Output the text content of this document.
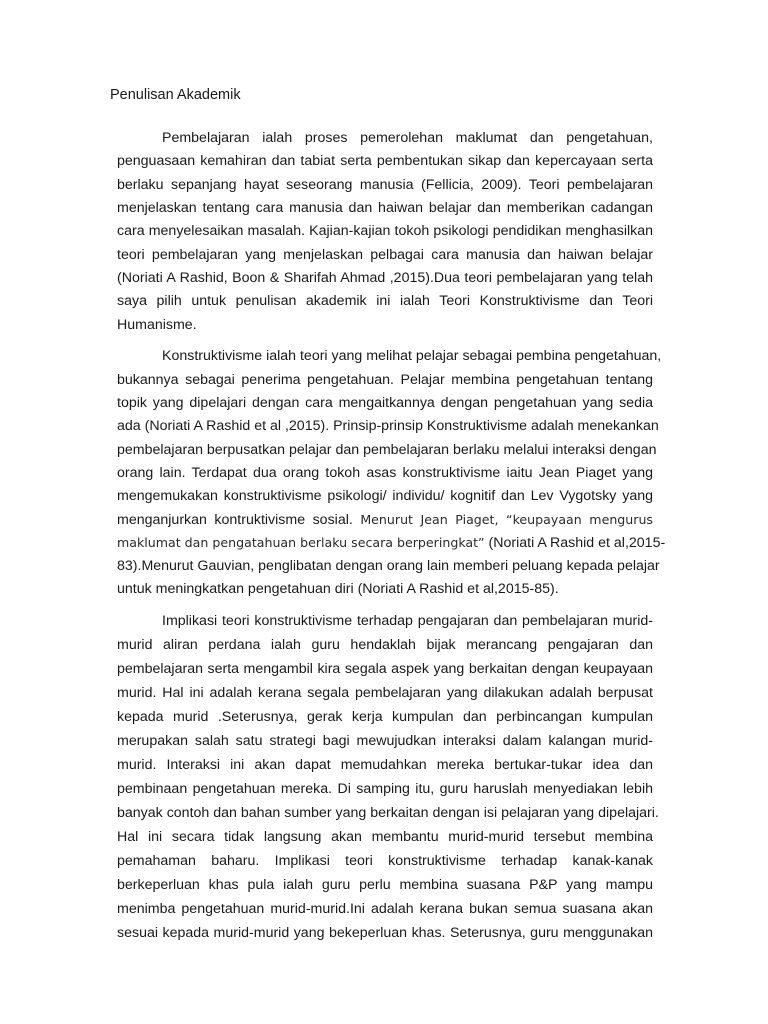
Penulisan Akademik

Pembelajaran ialah proses pemerolehan maklumat dan pengetahuan,

penguasaan kemahiran dan tabiat serta pembentukan sikap dan kepercayaan serta

berlaku sepanjang hayat seseorang manusia (Fellicia, 2009). Teori pembelajaran

menjelaskan tentang cara manusia dan haiwan belajar dan memberikan cadangan

cara menyelesaikan masalah. Kajian-kajian tokoh psikologi pendidikan menghasilkan

teori pembelajaran yang menjelaskan pelbagai cara manusia dan haiwan belajar

(Noriati A Rashid, Boon & Sharifah Ahmad ,2015).Dua teori pembelajaran yang telah

saya pilih untuk penulisan akademik ini ialah Teori Konstruktivisme dan Teori

Humanisme.

Konstruktivisme ialah teori yang melihat pelajar sebagai pembina pengetahuan,

bukannya sebagai penerima pengetahuan. Pelajar membina pengetahuan tentang

topik yang dipelajari dengan cara mengaitkannya dengan pengetahuan yang sedia

ada (Noriati A Rashid et al ,2015). Prinsip-prinsip Konstruktivisme adalah menekankan

pembelajaran berpusatkan pelajar dan pembelajaran berlaku melalui interaksi dengan

orang lain. Terdapat dua orang tokoh asas konstruktivisme iaitu Jean Piaget yang

mengemukakan konstruktivisme psikologi/ individu/ kognitif dan Lev Vygotsky yang

menganjurkan kontruktivisme sosial. Menurut Jean Piaget, “keupayaan mengurus

maklumat dan pengatahuan berlaku secara berperingkat” (Noriati A Rashid et al,2015-

83).Menurut Gauvian, penglibatan dengan orang lain memberi peluang kepada pelajar

untuk meningkatkan pengetahuan diri (Noriati A Rashid et al,2015-85).

Implikasi teori konstruktivisme terhadap pengajaran dan pembelajaran murid-

murid aliran perdana ialah guru hendaklah bijak merancang pengajaran dan

pembelajaran serta mengambil kira segala aspek yang berkaitan dengan keupayaan

murid. Hal ini adalah kerana segala pembelajaran yang dilakukan adalah berpusat

kepada murid .Seterusnya, gerak kerja kumpulan dan perbincangan kumpulan

merupakan salah satu strategi bagi mewujudkan interaksi dalam kalangan murid-

murid. Interaksi ini akan dapat memudahkan mereka bertukar-tukar idea dan

pembinaan pengetahuan mereka. Di samping itu, guru haruslah menyediakan lebih

banyak contoh dan bahan sumber yang berkaitan dengan isi pelajaran yang dipelajari.

Hal ini secara tidak langsung akan membantu murid-murid tersebut membina

pemahaman baharu. Implikasi teori konstruktivisme terhadap kanak-kanak

berkeperluan khas pula ialah guru perlu membina suasana P&P yang mampu

menimba pengetahuan murid-murid.Ini adalah kerana bukan semua suasana akan

sesuai kepada murid-murid yang bekeperluan khas. Seterusnya, guru menggunakan
